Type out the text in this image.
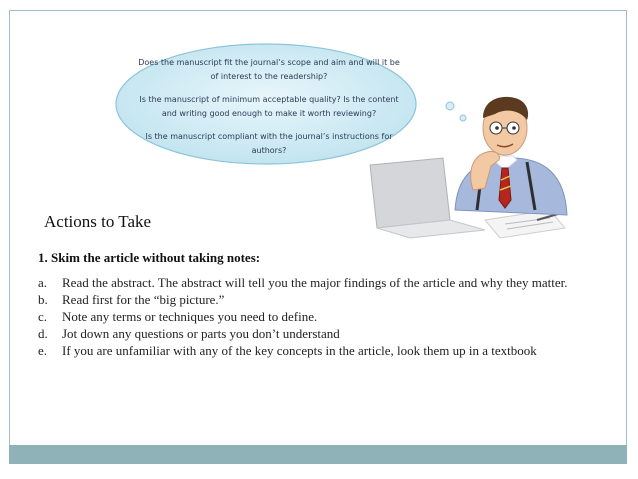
Does the manuscript fit the journal’s scope and aim and will it be of interest to the readership?

Is the manuscript of minimum acceptable quality? Is the content and writing good enough to make it worth reviewing?

Is the manuscript compliant with the journal’s instructions for authors?

Actions to Take
1. Skim the article without taking notes:
a.	Read the abstract. The abstract will tell you the major findings of the article and why they matter.
b.	Read first for the “big picture.”
c.	Note any terms or techniques you need to define.
d.	Jot down any questions or parts you don’t understand
e.	If you are unfamiliar with any of the key concepts in the article, look them up in a textbook
